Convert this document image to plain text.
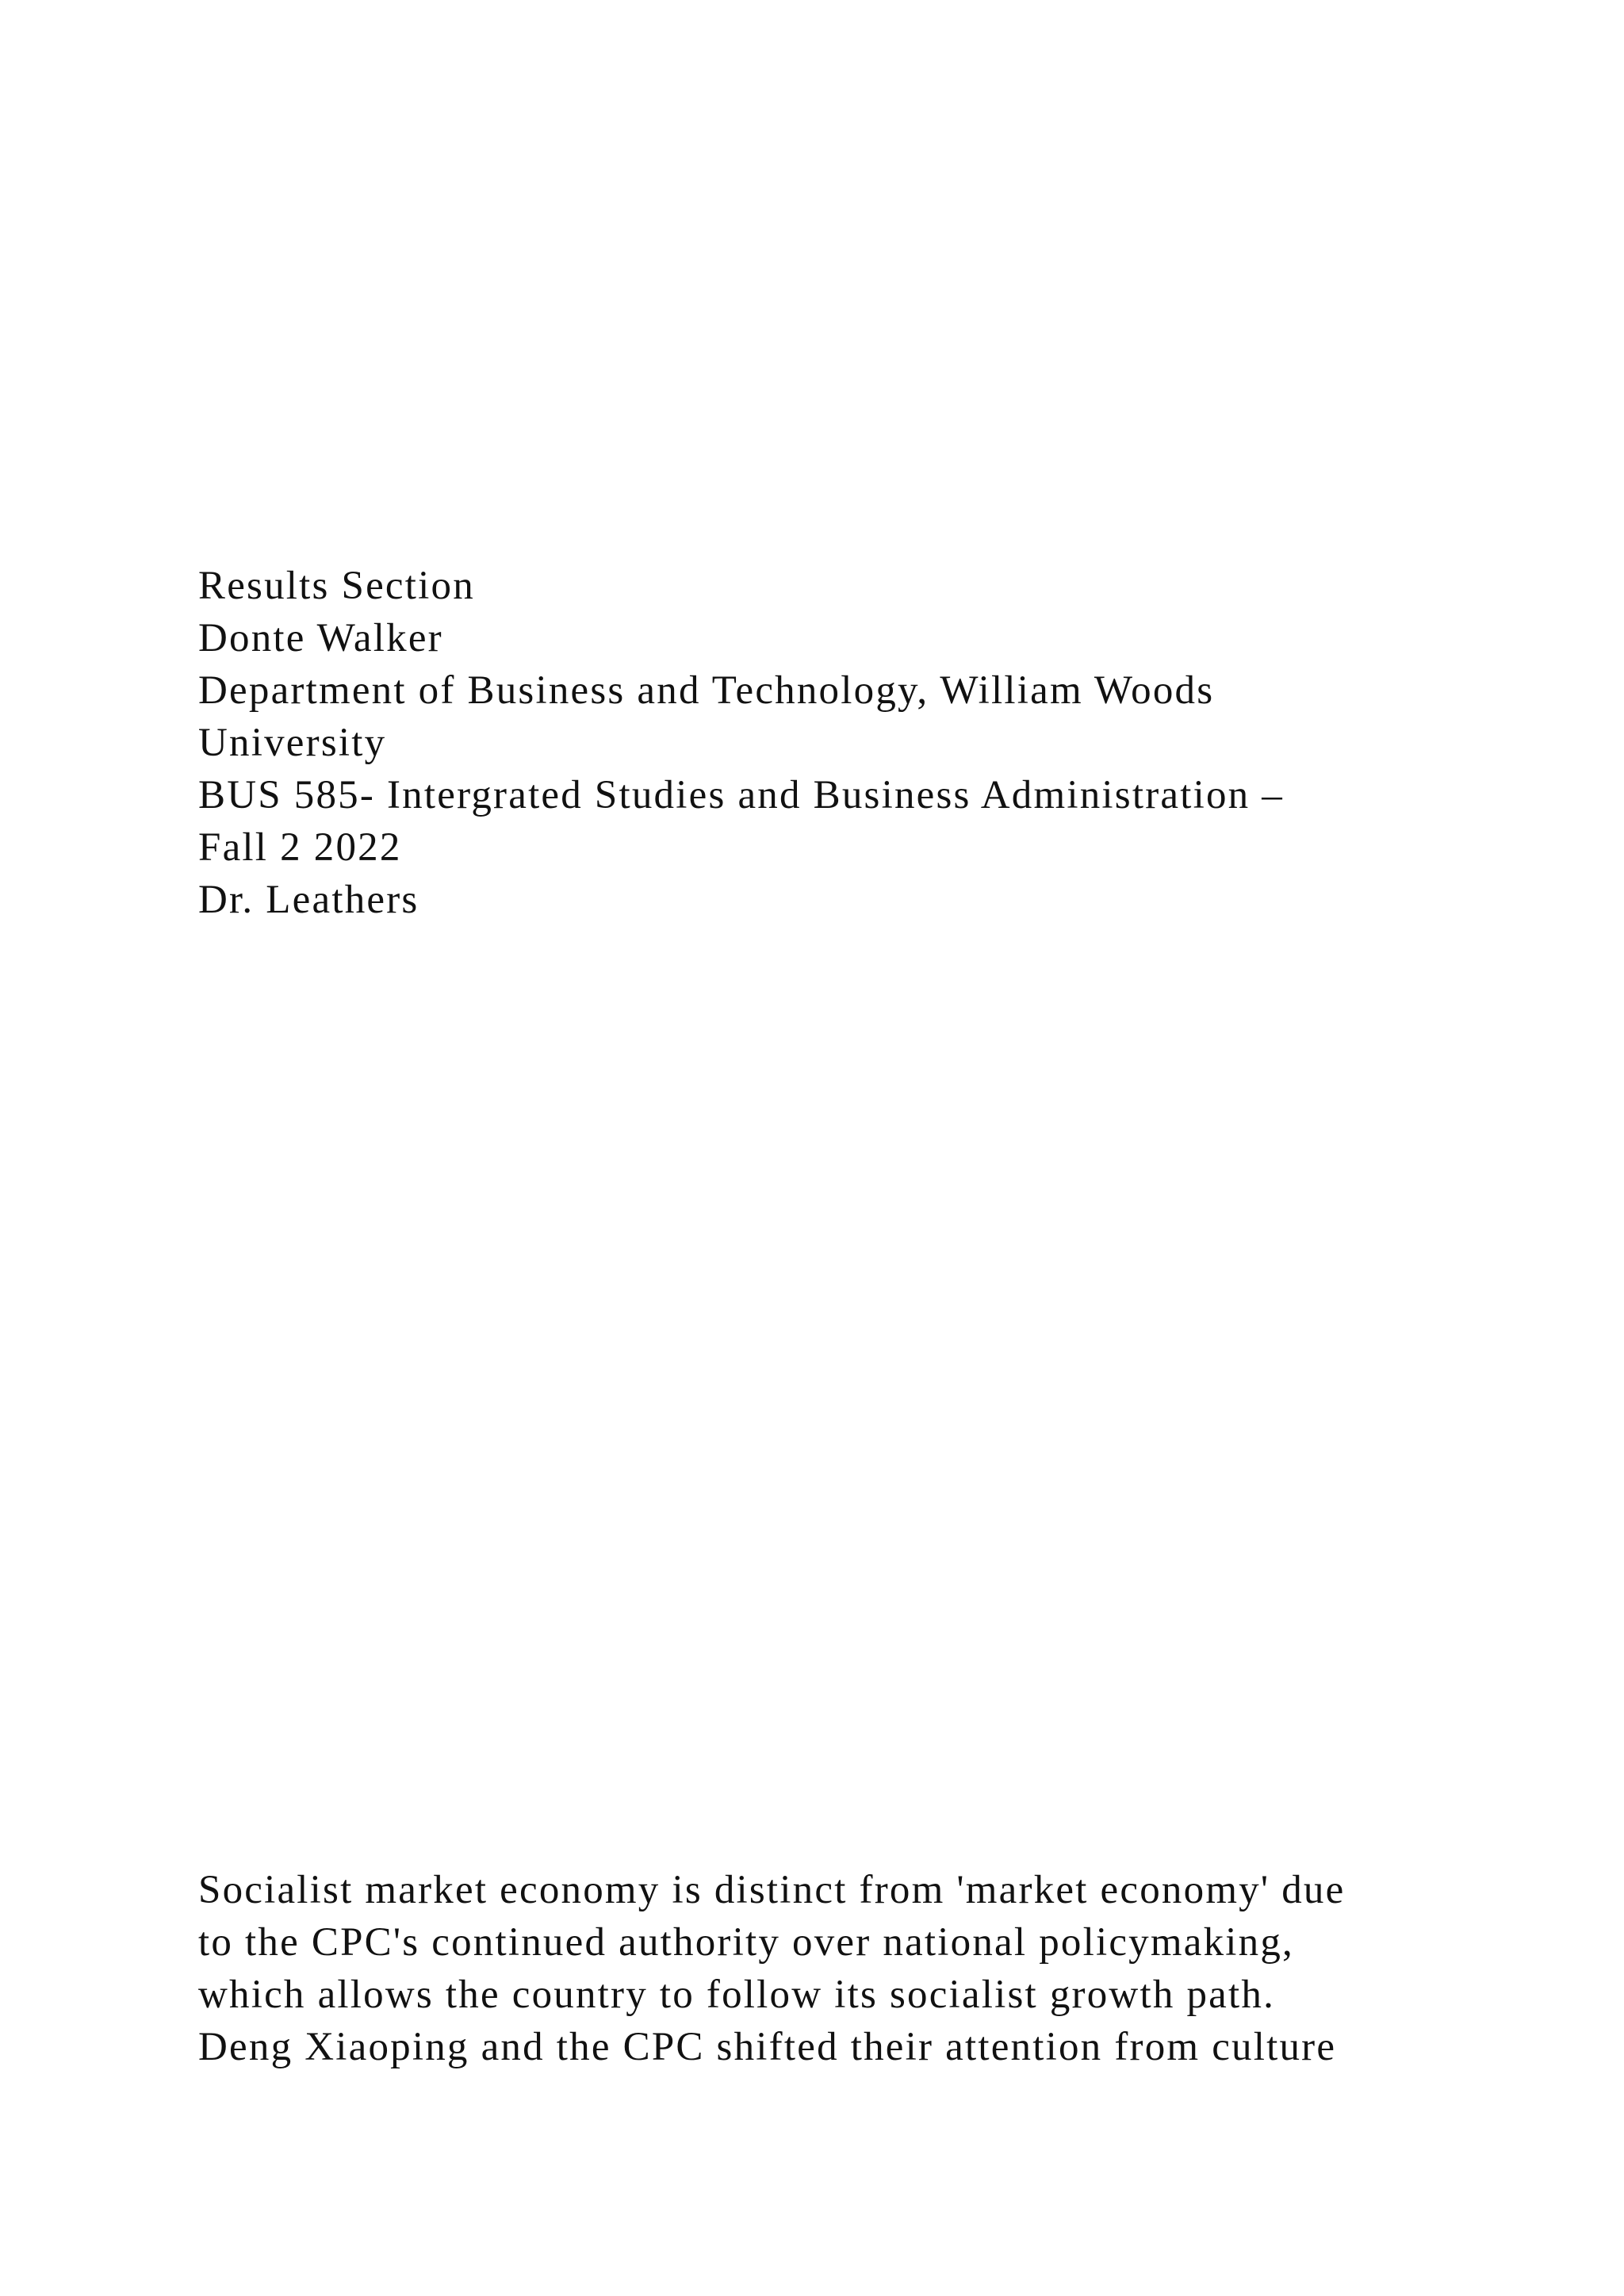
Results Section
Donte Walker
Department of Business and Technology, William Woods
University
BUS 585- Intergrated Studies and Business Administration –
Fall 2 2022
Dr. Leathers
Socialist market economy is distinct from 'market economy' due
to the CPC's continued authority over national policymaking,
which allows the country to follow its socialist growth path.
Deng Xiaoping and the CPC shifted their attention from culture
